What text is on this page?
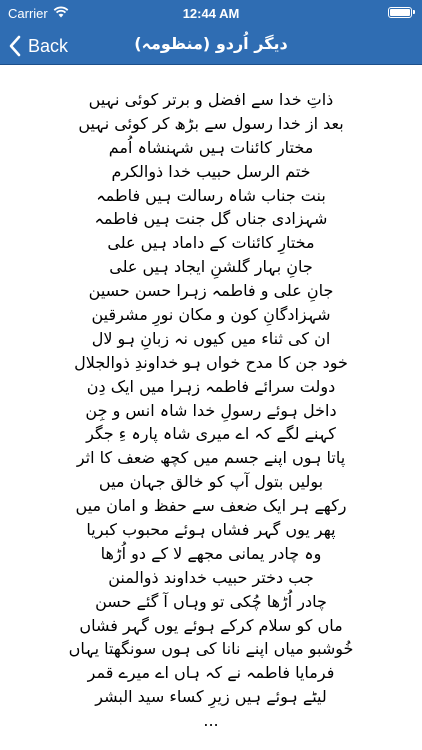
Carrier	12:44 AM
Back	دیگر اُردو (منظومہ)
ذاتِ خدا سے افضل و برتر کوئی نہیں
بعد از خدا رسول سے بڑھ کر کوئی نہیں
مختار کائنات ہیں شہنشاہ اُمم
ختم الرسل حبیب خدا ذوالکرم
بنت جناب شاہ رسالت ہیں فاطمہ
شہزادی جناں گل جنت ہیں فاطمہ
مختارِ کائنات کے داماد ہیں علی
جانِ بہار گلشنِ ایجاد ہیں علی
جانِ علی و فاطمہ زہرا حسن حسین
شہزادگانِ کون و مکان نورِ مشرقین
ان کی ثناء میں کیوں نہ زبانِ ہو لال
خود جن کا مدح خواں ہو خداوندِ ذوالجلال
دولت سرائے فاطمہ زہرا میں ایک دِن
داخل ہوئے رسولِ خدا شاہ انس و جِن
کہنے لگے کہ اے میری شاہ پارہ ءِ جگر
پاتا ہوں اپنے جسم میں کچھ ضعف کا اثر
بولیں بتول آپ کو خالق جہان میں
رکھے ہر ایک ضعف سے حفظ و امان میں
پھر یوں گہر فشاں ہوئے محبوب کبریا
وہ چادر یمانی مجھے لا کے دو اُڑھا
جب دختر حبیب خداوند ذوالمنن
چادر اُڑھا چُکی تو وہاں آ گئے حسن
ماں کو سلام کرکے ہوئے یوں گہر فشاں
خُوشبو میاں اپنے نانا کی ہوں سونگھتا یہاں
فرمایا فاطمہ نے کہ ہاں اے میرے قمر
لیٹے ہوئے ہیں زیرِ کساء سید البشر
...
